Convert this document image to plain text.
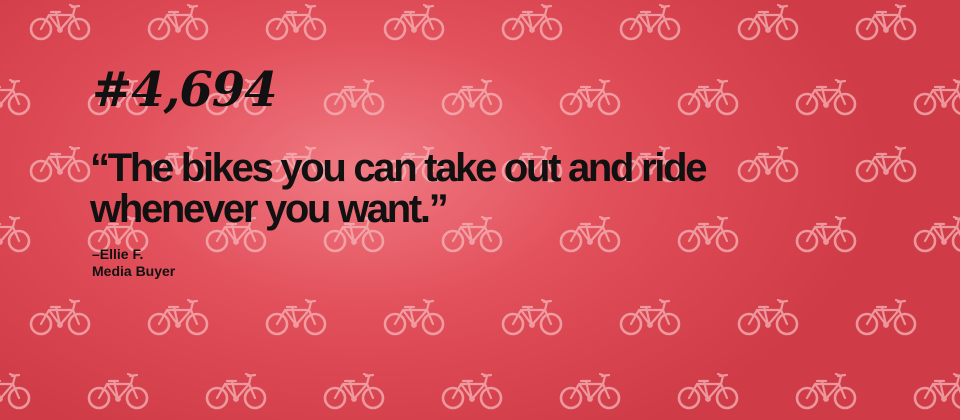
#4,694

“The bikes you can take out and ride
whenever you want.”

–Ellie F.
Media Buyer
